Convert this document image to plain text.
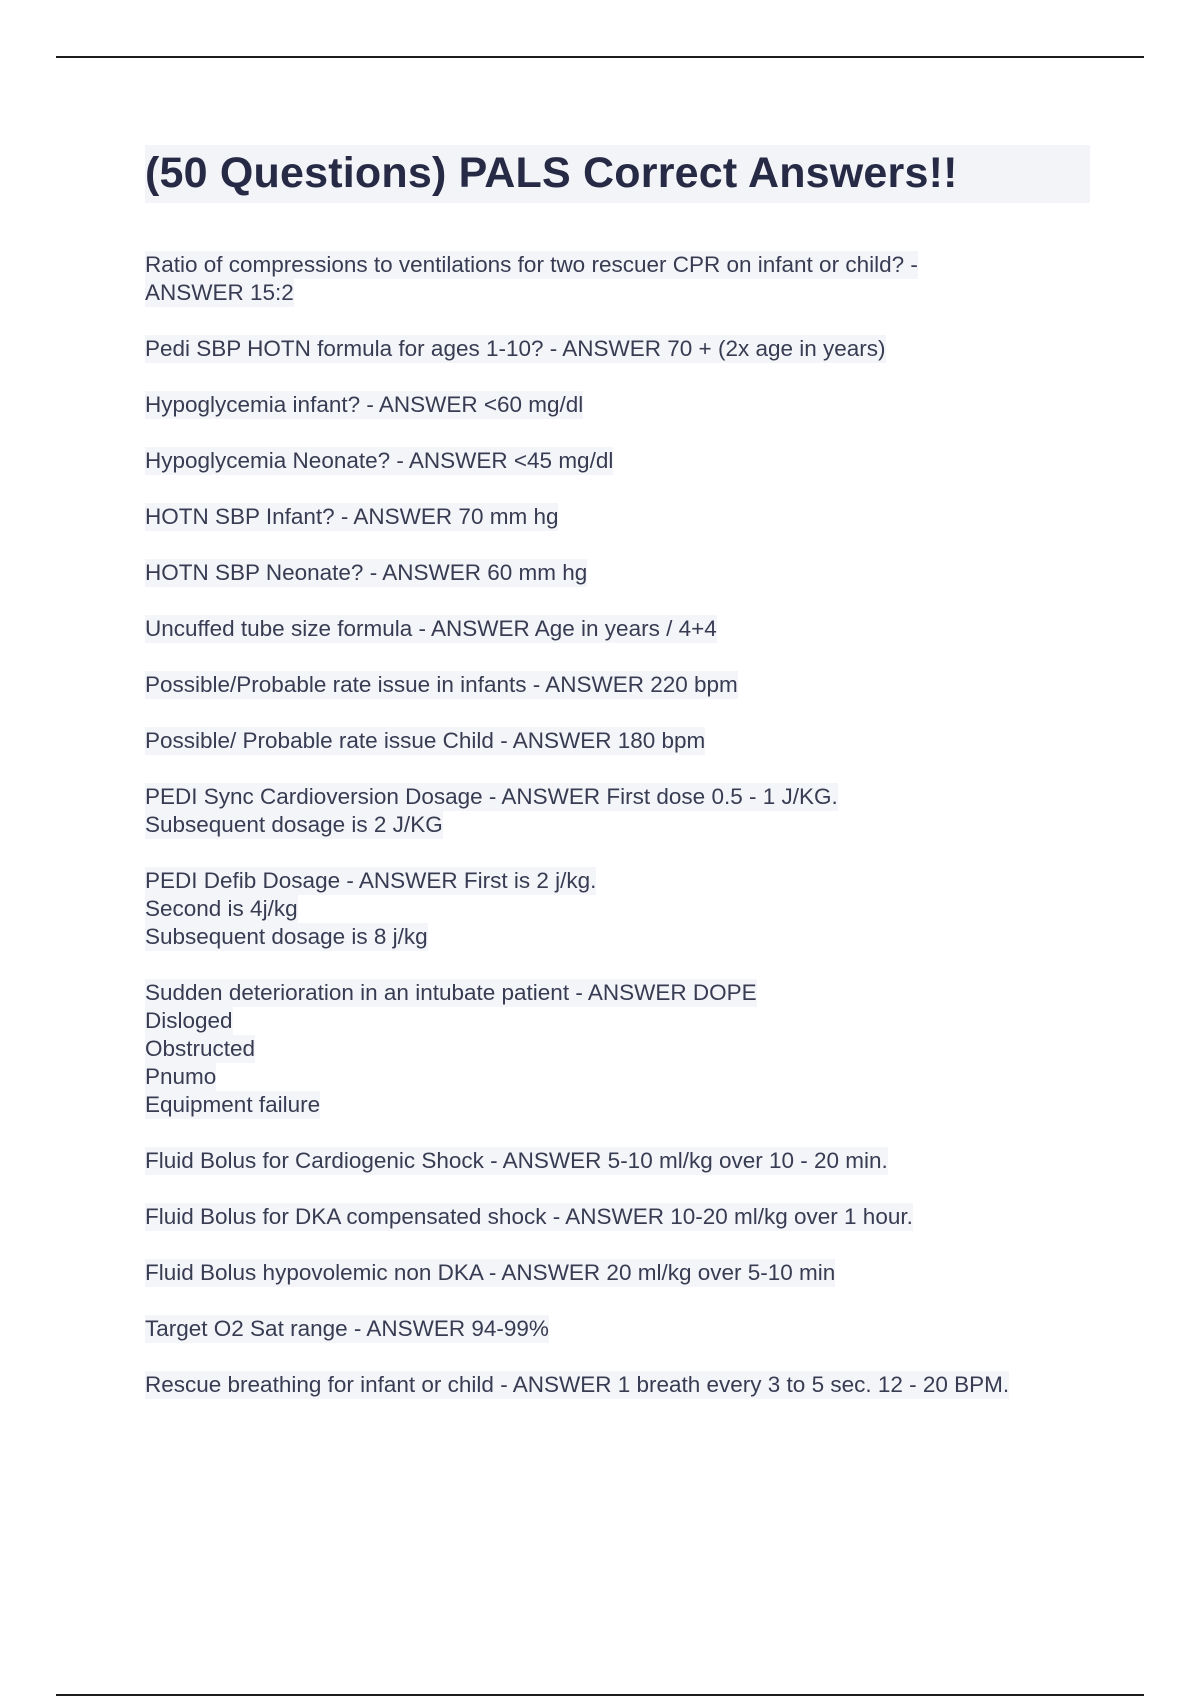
(50 Questions) PALS Correct Answers!!
Ratio of compressions to ventilations for two rescuer CPR on infant or child? -
ANSWER 15:2
Pedi SBP HOTN formula for ages 1-10? - ANSWER 70 + (2x age in years)
Hypoglycemia infant? - ANSWER <60 mg/dl
Hypoglycemia Neonate? - ANSWER <45 mg/dl
HOTN SBP Infant? - ANSWER 70 mm hg
HOTN SBP Neonate? - ANSWER 60 mm hg
Uncuffed tube size formula - ANSWER Age in years / 4+4
Possible/Probable rate issue in infants - ANSWER 220 bpm
Possible/ Probable rate issue Child - ANSWER 180 bpm
PEDI Sync Cardioversion Dosage - ANSWER First dose 0.5 - 1 J/KG.
Subsequent dosage is 2 J/KG
PEDI Defib Dosage - ANSWER First is 2 j/kg.
Second is 4j/kg
Subsequent dosage is 8 j/kg
Sudden deterioration in an intubate patient - ANSWER DOPE
Disloged
Obstructed
Pnumo
Equipment failure
Fluid Bolus for Cardiogenic Shock - ANSWER 5-10 ml/kg over 10 - 20 min.
Fluid Bolus for DKA compensated shock - ANSWER 10-20 ml/kg over 1 hour.
Fluid Bolus hypovolemic non DKA - ANSWER 20 ml/kg over 5-10 min
Target O2 Sat range - ANSWER 94-99%
Rescue breathing for infant or child - ANSWER 1 breath every 3 to 5 sec. 12 - 20 BPM.
